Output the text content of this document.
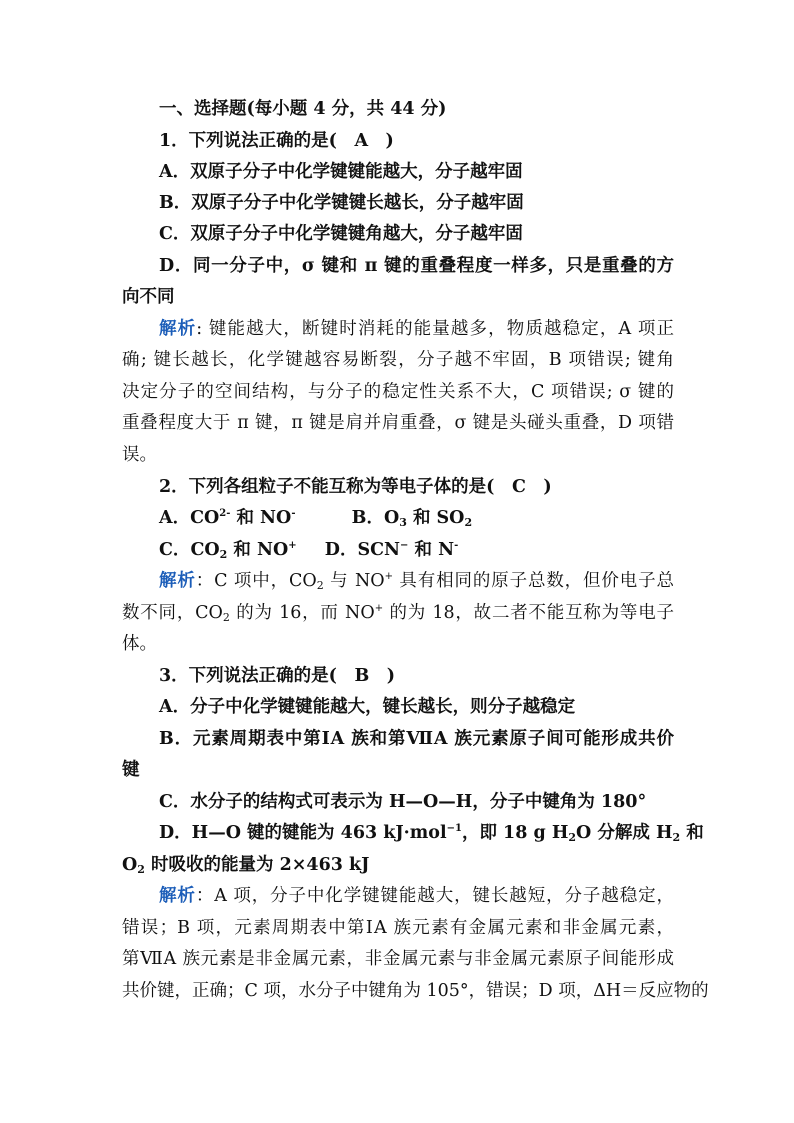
一、选择题(每小题 4 分，共 44 分)
1．下列说法正确的是(　A　)
A．双原子分子中化学键键能越大，分子越牢固
B．双原子分子中化学键键长越长，分子越牢固
C．双原子分子中化学键键角越大，分子越牢固
D．同一分子中，σ 键和 π 键的重叠程度一样多，只是重叠的方
向不同
解析: 键能越大，断键时消耗的能量越多，物质越稳定，A 项正
确; 键长越长，化学键越容易断裂，分子越不牢固，B 项错误; 键角
决定分子的空间结构，与分子的稳定性关系不大，C 项错误; σ 键的
重叠程度大于 π 键，π 键是肩并肩重叠，σ 键是头碰头重叠，D 项错
误。
2．下列各组粒子不能互称为等电子体的是(　C　)
A．$CO^{2-}$ 和 NO-	B．$O_3$ 和 $SO_2$
C．$CO_2$ 和 NO+ D．SCN− 和 N-
解析：C 项中，$CO_2$ 与 NO+ 具有相同的原子总数，但价电子总
数不同，$CO_2$ 的为 16，而 NO+ 的为 18，故二者不能互称为等电子
体。
3．下列说法正确的是(　B　)
A．分子中化学键键能越大，键长越长，则分子越稳定
B．元素周期表中第ⅠA 族和第ⅦA 族元素原子间可能形成共价
键
C．水分子的结构式可表示为 H—O—H，分子中键角为 180°
D．H—O 键的键能为 463 kJ·mol$^{-1}$，即 18 g $H_2O$ 分解成 $H_2$ 和
$O_2$ 时吸收的能量为 2×463 kJ
解析：A 项，分子中化学键键能越大，键长越短，分子越稳定，
错误；B 项，元素周期表中第ⅠA 族元素有金属元素和非金属元素，
第ⅦA 族元素是非金属元素，非金属元素与非金属元素原子间能形成
共价键，正确；C 项，水分子中键角为 105°，错误；D 项，ΔH＝反应物的
